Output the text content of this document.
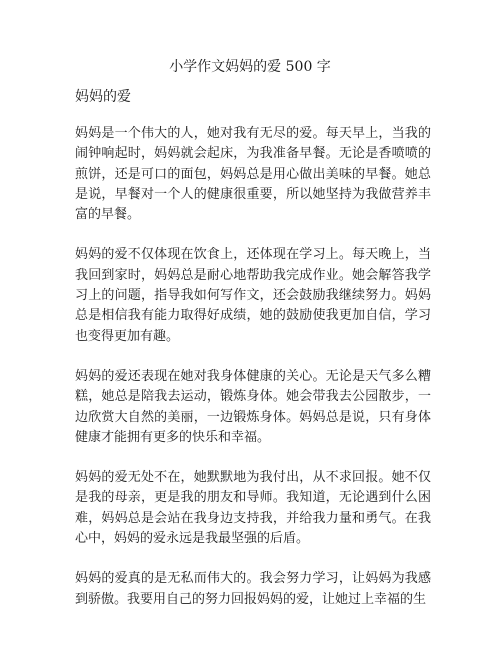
小学作文妈妈的爱 500 字

妈妈的爱

妈妈是一个伟大的人，她对我有无尽的爱。每天早上，当我的闹钟响起时，妈妈就会起床，为我准备早餐。无论是香喷喷的煎饼，还是可口的面包，妈妈总是用心做出美味的早餐。她总是说，早餐对一个人的健康很重要，所以她坚持为我做营养丰富的早餐。

妈妈的爱不仅体现在饮食上，还体现在学习上。每天晚上，当我回到家时，妈妈总是耐心地帮助我完成作业。她会解答我学习上的问题，指导我如何写作文，还会鼓励我继续努力。妈妈总是相信我有能力取得好成绩，她的鼓励使我更加自信，学习也变得更加有趣。

妈妈的爱还表现在她对我身体健康的关心。无论是天气多么糟糕，她总是陪我去运动，锻炼身体。她会带我去公园散步，一边欣赏大自然的美丽，一边锻炼身体。妈妈总是说，只有身体健康才能拥有更多的快乐和幸福。

妈妈的爱无处不在，她默默地为我付出，从不求回报。她不仅是我的母亲，更是我的朋友和导师。我知道，无论遇到什么困难，妈妈总是会站在我身边支持我，并给我力量和勇气。在我心中，妈妈的爱永远是我最坚强的后盾。

妈妈的爱真的是无私而伟大的。我会努力学习，让妈妈为我感到骄傲。我要用自己的努力回报妈妈的爱，让她过上幸福的生
